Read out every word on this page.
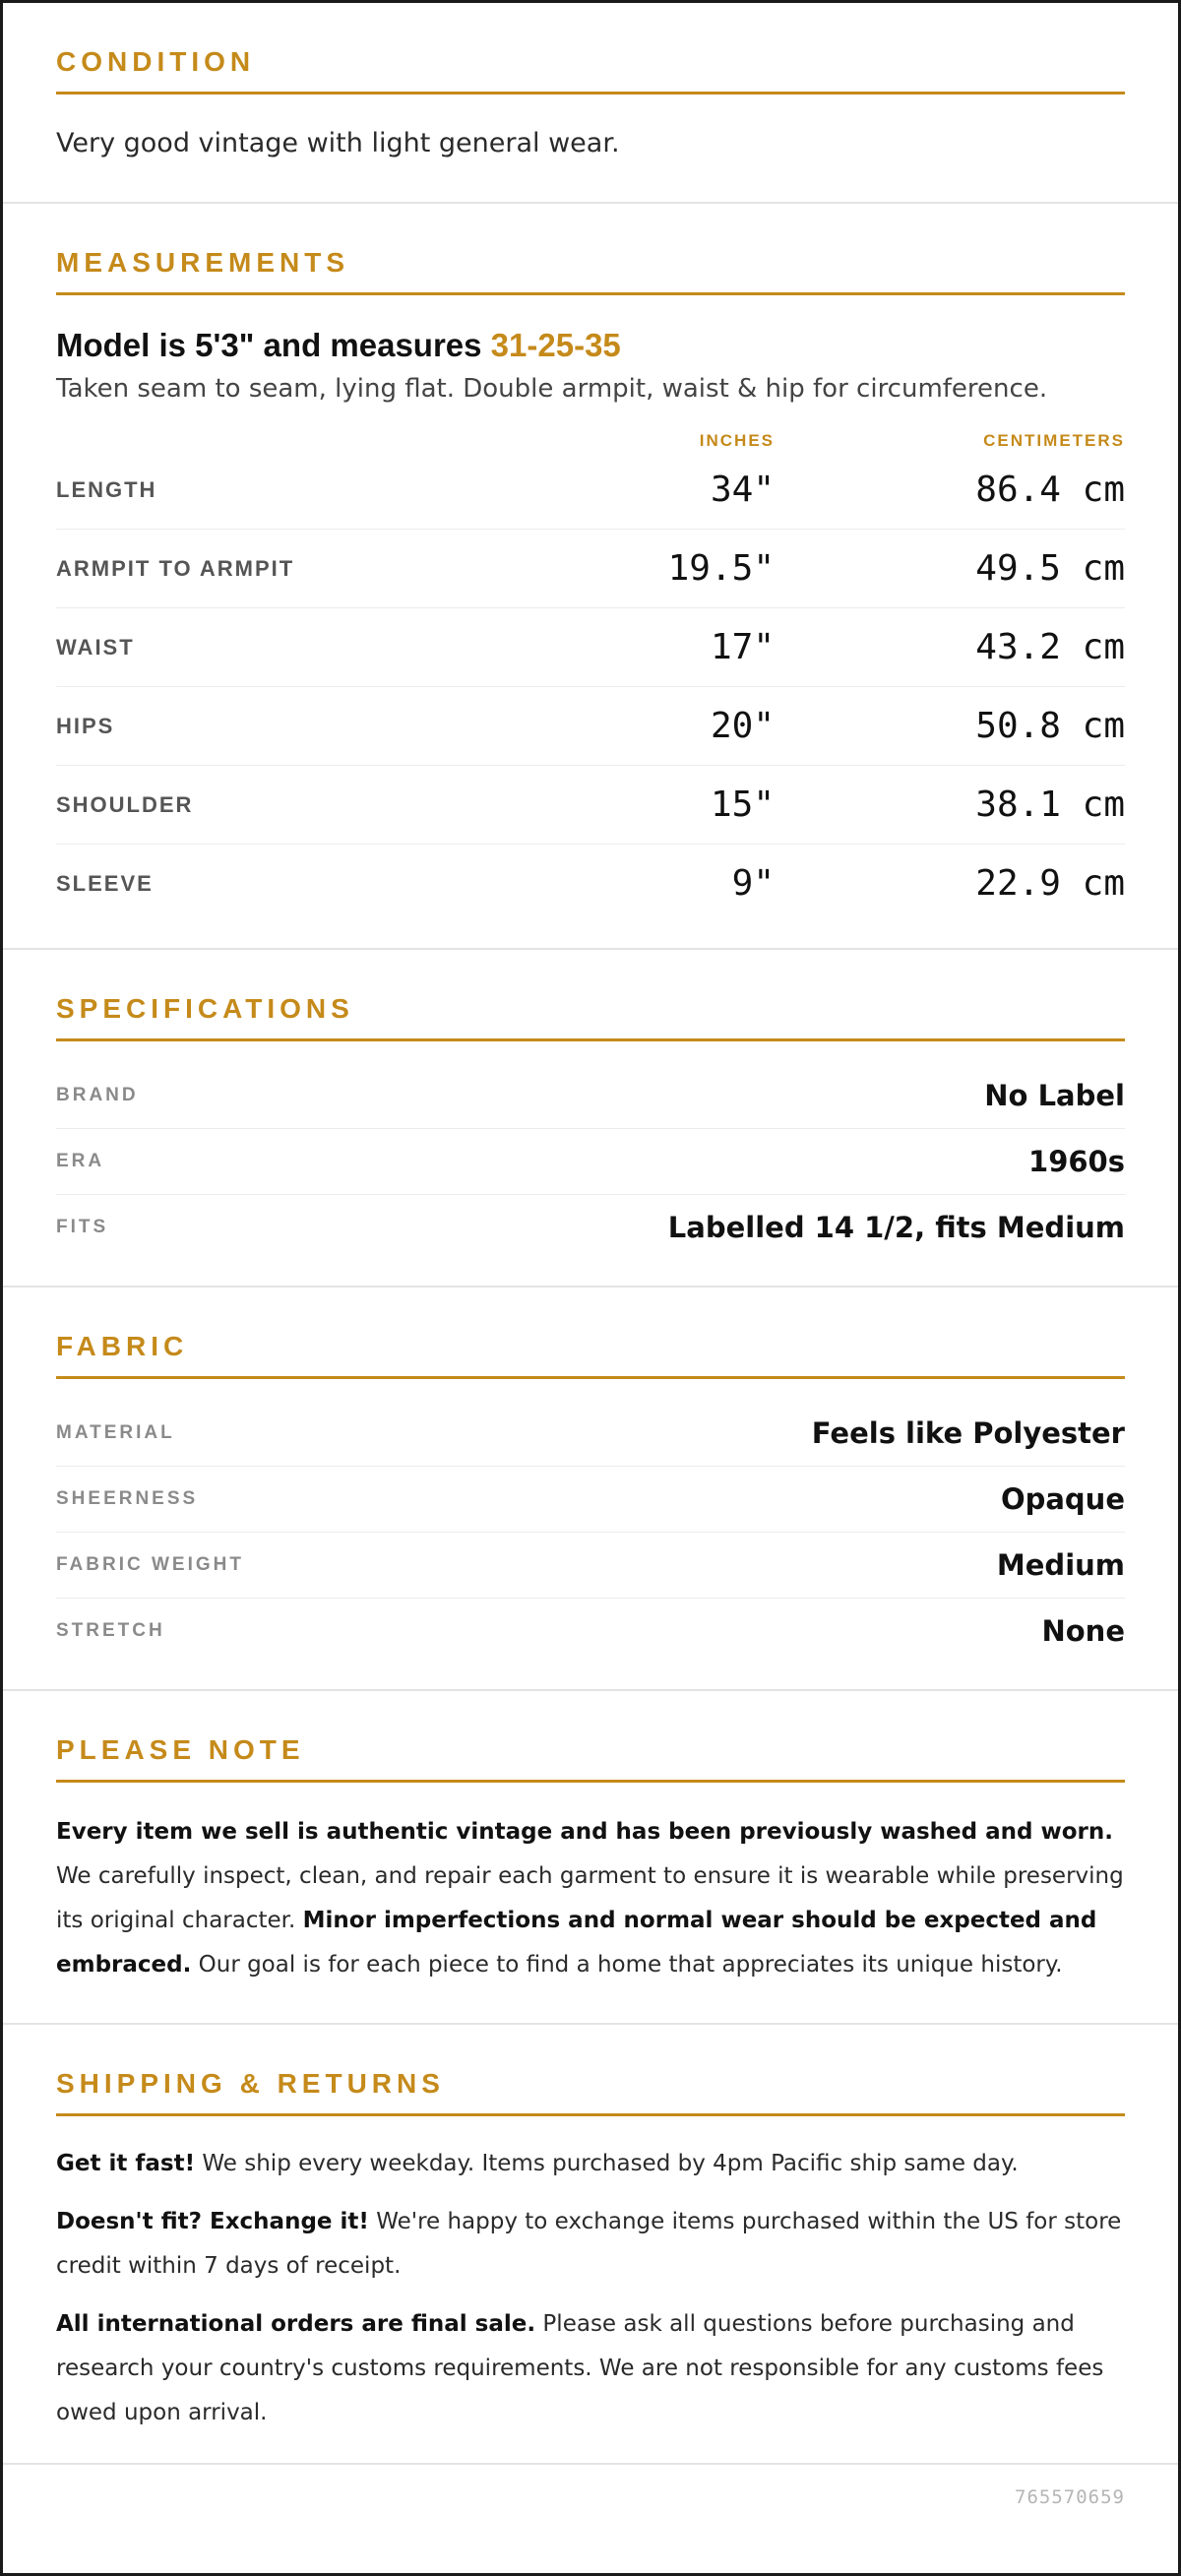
CONDITION
Very good vintage with light general wear.
MEASUREMENTS
Model is 5'3" and measures 31-25-35
Taken seam to seam, lying flat. Double armpit, waist & hip for circumference.
INCHES	CENTIMETERS
LENGTH	34"	86.4 cm
ARMPIT TO ARMPIT	19.5"	49.5 cm
WAIST	17"	43.2 cm
HIPS	20"	50.8 cm
SHOULDER	15"	38.1 cm
SLEEVE	9"	22.9 cm
SPECIFICATIONS
BRAND	No Label
ERA	1960s
FITS	Labelled 14 1/2, fits Medium
FABRIC
MATERIAL	Feels like Polyester
SHEERNESS	Opaque
FABRIC WEIGHT	Medium
STRETCH	None
PLEASE NOTE

Every item we sell is authentic vintage and has been previously washed and worn. We carefully inspect, clean, and repair each garment to ensure it is wearable while preserving its original character. Minor imperfections and normal wear should be expected and embraced. Our goal is for each piece to find a home that appreciates its unique history.

SHIPPING & RETURNS

Get it fast! We ship every weekday. Items purchased by 4pm Pacific ship same day.

Doesn't fit? Exchange it! We're happy to exchange items purchased within the US for store credit within 7 days of receipt.

All international orders are final sale. Please ask all questions before purchasing and research your country's customs requirements. We are not responsible for any customs fees owed upon arrival.

765570659
